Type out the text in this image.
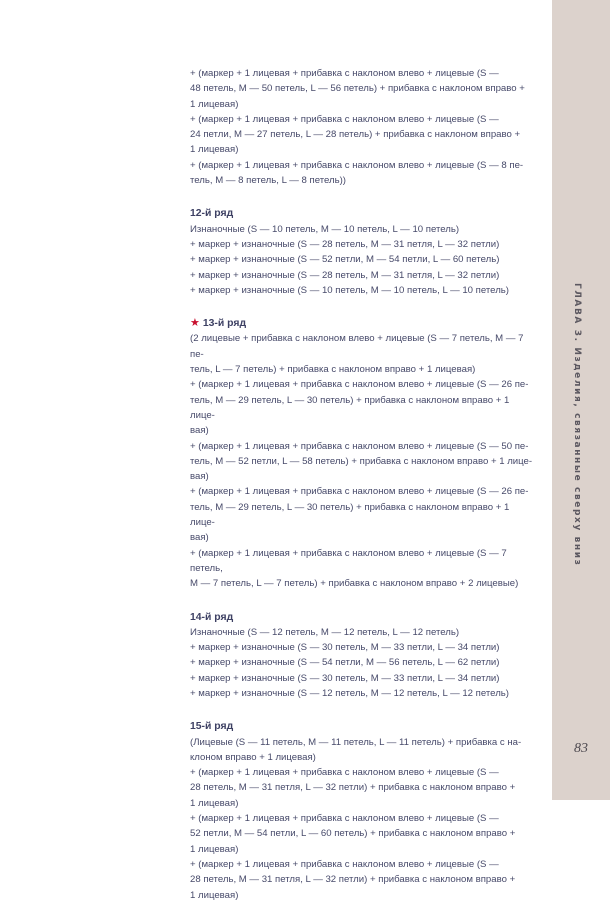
+ (маркер + 1 лицевая + прибавка с наклоном влево + лицевые (S —

48 петель, M — 50 петель, L — 56 петель) + прибавка с наклоном вправо +

1 лицевая)

+ (маркер + 1 лицевая + прибавка с наклоном влево + лицевые (S —

24 петли, M — 27 петель, L — 28 петель) + прибавка с наклоном вправо +

1 лицевая)

+ (маркер + 1 лицевая + прибавка с наклоном влево + лицевые (S — 8 пе-

тель, M — 8 петель, L — 8 петель))

12-й ряд

Изнаночные (S — 10 петель, M — 10 петель, L — 10 петель)

+ маркер + изнаночные (S — 28 петель, M — 31 петля, L — 32 петли)

+ маркер + изнаночные (S — 52 петли, M — 54 петли, L — 60 петель)

+ маркер + изнаночные (S — 28 петель, M — 31 петля, L — 32 петли)

+ маркер + изнаночные (S — 10 петель, M — 10 петель, L — 10 петель)

★ 13-й ряд

(2 лицевые + прибавка с наклоном влево + лицевые (S — 7 петель, M — 7 пе-

тель, L — 7 петель) + прибавка с наклоном вправо + 1 лицевая)

+ (маркер + 1 лицевая + прибавка с наклоном влево + лицевые (S — 26 пе-

тель, M — 29 петель, L — 30 петель) + прибавка с наклоном вправо + 1 лице-

вая)

+ (маркер + 1 лицевая + прибавка с наклоном влево + лицевые (S — 50 пе-

тель, M — 52 петли, L — 58 петель) + прибавка с наклоном вправо + 1 лице-

вая)

+ (маркер + 1 лицевая + прибавка с наклоном влево + лицевые (S — 26 пе-

тель, M — 29 петель, L — 30 петель) + прибавка с наклоном вправо + 1 лице-

вая)

+ (маркер + 1 лицевая + прибавка с наклоном влево + лицевые (S — 7 петель,

M — 7 петель, L — 7 петель) + прибавка с наклоном вправо + 2 лицевые)

14-й ряд

Изнаночные (S — 12 петель, M — 12 петель, L — 12 петель)

+ маркер + изнаночные (S — 30 петель, M — 33 петли, L — 34 петли)

+ маркер + изнаночные (S — 54 петли, M — 56 петель, L — 62 петли)

+ маркер + изнаночные (S — 30 петель, M — 33 петли, L — 34 петли)

+ маркер + изнаночные (S — 12 петель, M — 12 петель, L — 12 петель)

15-й ряд

(Лицевые (S — 11 петель, M — 11 петель, L — 11 петель) + прибавка с на-

клоном вправо + 1 лицевая)

+ (маркер + 1 лицевая + прибавка с наклоном влево + лицевые (S —

28 петель, M — 31 петля, L — 32 петли) + прибавка с наклоном вправо +

1 лицевая)

+ (маркер + 1 лицевая + прибавка с наклоном влево + лицевые (S —

52 петли, M — 54 петли, L — 60 петель) + прибавка с наклоном вправо +

1 лицевая)

+ (маркер + 1 лицевая + прибавка с наклоном влево + лицевые (S —

28 петель, M — 31 петля, L — 32 петли) + прибавка с наклоном вправо +

1 лицевая)

ГЛАВА 3. Изделия, связанные сверху вниз
83
